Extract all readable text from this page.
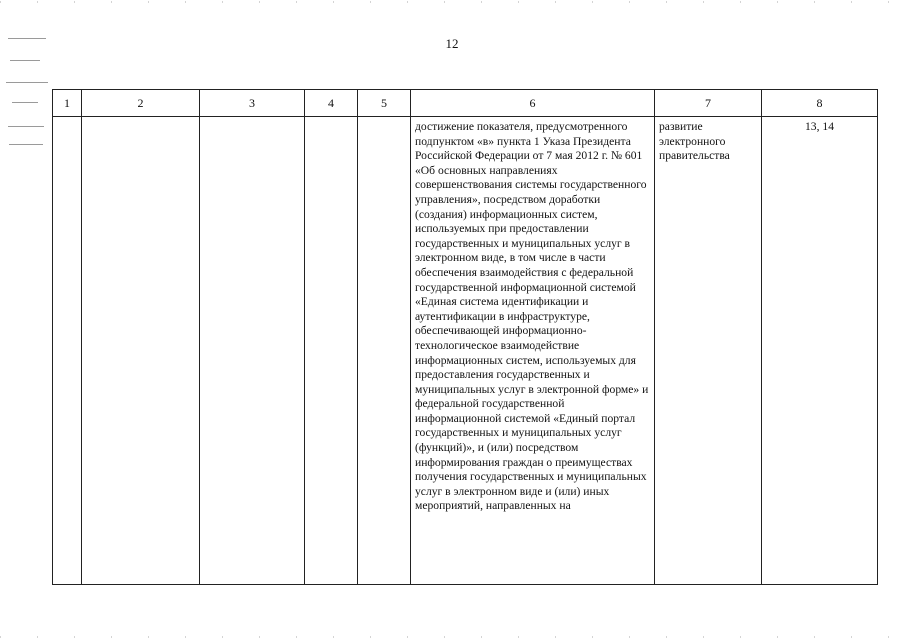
12
1	2	3	4	5	6	7	8

					достижение показателя, предусмотренного подпунктом «в» пункта 1 Указа Президента Российской Федерации от 7 мая 2012 г. № 601 «Об основных направлениях совершенствования системы государственного управления», посредством доработки (создания) информационных систем, используемых при предоставлении государственных и муниципальных услуг в электронном виде, в том числе в части обеспечения взаимодействия с федеральной государственной информационной системой «Единая система идентификации и аутентификации в инфраструктуре, обеспечивающей информационно-технологическое взаимодействие информационных систем, используемых для предоставления государственных и муниципальных услуг в электронной форме» и федеральной государственной информационной системой «Единый портал государственных и муниципальных услуг (функций)», и (или) посредством информирования граждан о преимуществах получения государственных и муниципальных услуг в электронном виде и (или) иных мероприятий, направленных на	развитие электронного правительства	13, 14
